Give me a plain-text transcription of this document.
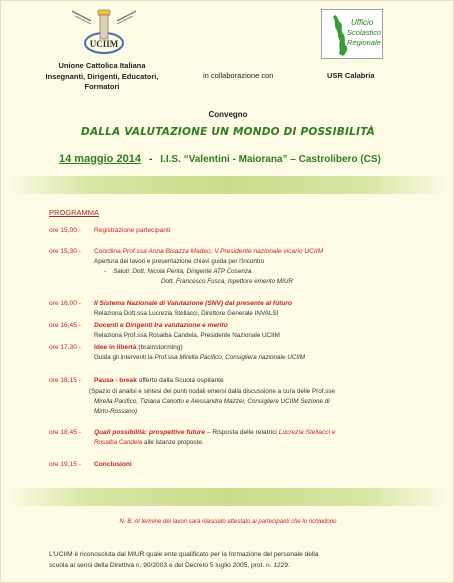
UCIIM
Ufficio
Scolastico
Regionale
Unione Cattolica Italiana
Insegnanti, Dirigenti, Educatori, Formatori
in collaborazione con	USR Calabria
Convegno
DALLA VALUTAZIONE UN MONDO DI POSSIBILITÀ
14 maggio 2014 - I.I.S. “Valentini - Maiorana” – Castrolibero (CS)
PROGRAMMA
ore 15,00 - Registrazione partecipanti
ore 15,30 - Coordina Prof.ssa Anna Bisazza Madeo, V.Presidente nazionale vicario UCIIM
Apertura dei lavori e presentazione chiavi guida per l'incontro
- Saluti: Dott. Nicola Penta, Dirigente ATP Cosenza
Dott. Francesco Fusca, Ispettore emerito MIUR
ore 16,00 - Il Sistema Nazionale di Valutazione (SNV) dal presente al futuro
Relaziona Dott.ssa Lucrezia Stellacci, Direttore Generale INVALSI
ore 16,45 - Docenti e Dirigenti tra valutazione e merito
Relaziona Prof.ssa Rosalba Candela, Presidente Nazionale UCIIM
ore 17,30 - Idee in libertà (brainstorming)
Guida gli interventi la Prof.ssa Mirella Pacifico, Consigliera nazionale UCIIM
ore 18,15 - Pausa - break offerto dalla Scuola ospitante
(Spazio di analisi e sintesi dei punti nodali emersi dalla discussione a cura delle Prof.sse
Mirella Pacifico, Tiziana Canotto e Alessandra Mazzei, Consigliere UCIIM Sezione di
Mirto-Rossano)
ore 18,45 - Quali possibilità: prospettive future – Risposta delle relatrici Lucrezia Stellacci e
Rosalba Candela alle istanze proposte.
ore 19,15 - Conclusioni
N. B. Al termine dei lavori sarà rilasciato attestato ai partecipanti che lo richiedono
L'UCIIM è riconosciuta dal MIUR quale ente qualificato per la formazione del personale della
scuola ai sensi della Direttiva n. 90/2003 e del Decreto 5 luglio 2005, prot. n. 1229.
